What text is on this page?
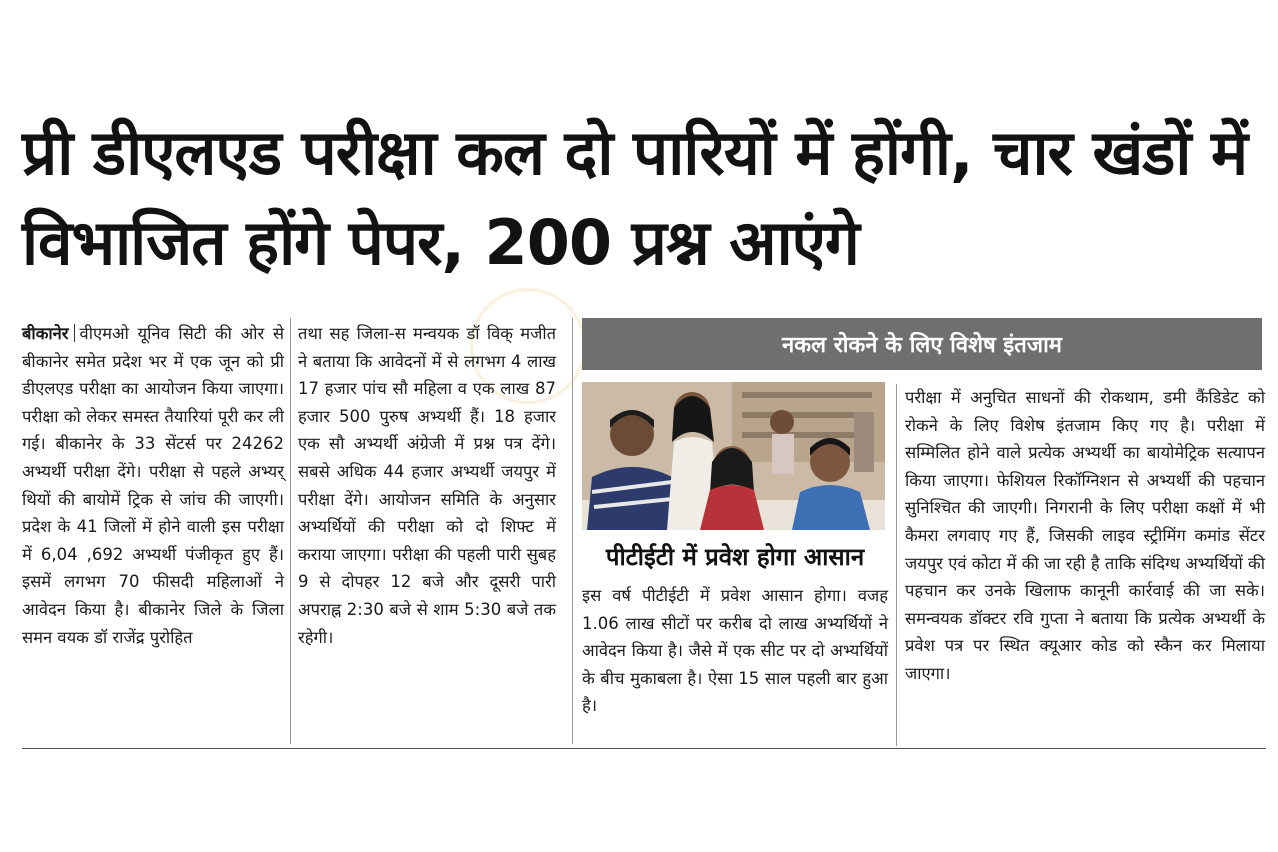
प्री डीएलएड परीक्षा कल दो पारियों में होंगी, चार खंडों में विभाजित होंगे पेपर, 200 प्रश्न आएंगे

बीकानेर वीएमओ यूनिव सिटी की ओर से बीकानेर समेत प्रदेश भर में एक जून को प्री डीएलएड परीक्षा का आयोजन किया जाएगा। परीक्षा को लेकर समस्त तैयारियां पूरी कर ली गई। बीकानेर के 33 सेंटर्स पर 24262 अभ्यर्थी परीक्षा देंगे। परीक्षा से पहले अभ्यर् थियों की बायोमें ट्रिक से जांच की जाएगी। प्रदेश के 41 जिलों में होने वाली इस परीक्षा में 6,04 ,692 अभ्यर्थी पंजीकृत हुए हैं। इसमें लगभग 70 फीसदी महिलाओं ने आवेदन किया है। बीकानेर जिले के जिला समन वयक डॉ राजेंद्र पुरोहित

तथा सह जिला-स मन्वयक डॉ विक् मजीत ने बताया कि आवेदनों में से लगभग 4 लाख 17 हजार पांच सौ महिला व एक लाख 87 हजार 500 पुरुष अभ्यर्थी हैं। 18 हजार एक सौ अभ्यर्थी अंग्रेजी में प्रश्न पत्र देंगे। सबसे अधिक 44 हजार अभ्यर्थी जयपुर में परीक्षा देंगे। आयोजन समिति के अनुसार अभ्यर्थियों की परीक्षा को दो शिफ्ट में कराया जाएगा। परीक्षा की पहली पारी सुबह 9 से दोपहर 12 बजे और दूसरी पारी अपराह्न 2:30 बजे से शाम 5:30 बजे तक रहेगी।

नकल रोकने के लिए विशेष इंतजाम
पीटीईटी में प्रवेश होगा आसान

इस वर्ष पीटीईटी में प्रवेश आसान होगा। वजह 1.06 लाख सीटों पर करीब दो लाख अभ्यर्थियों ने आवेदन किया है। जैसे में एक सीट पर दो अभ्यर्थियों के बीच मुकाबला है। ऐसा 15 साल पहली बार हुआ है।

परीक्षा में अनुचित साधनों की रोकथाम, डमी कैंडिडेट को रोकने के लिए विशेष इंतजाम किए गए है। परीक्षा में सम्मिलित होने वाले प्रत्येक अभ्यर्थी का बायोमेट्रिक सत्यापन किया जाएगा। फेशियल रिकॉग्निशन से अभ्यर्थी की पहचान सुनिश्चित की जाएगी। निगरानी के लिए परीक्षा कक्षों में भी कैमरा लगवाए गए हैं, जिसकी लाइव स्ट्रीमिंग कमांड सेंटर जयपुर एवं कोटा में की जा रही है ताकि संदिग्ध अभ्यर्थियों की पहचान कर उनके खिलाफ कानूनी कार्रवाई की जा सके। समन्वयक डॉक्टर रवि गुप्ता ने बताया कि प्रत्येक अभ्यर्थी के प्रवेश पत्र पर स्थित क्यूआर कोड को स्कैन कर मिलाया जाएगा।
